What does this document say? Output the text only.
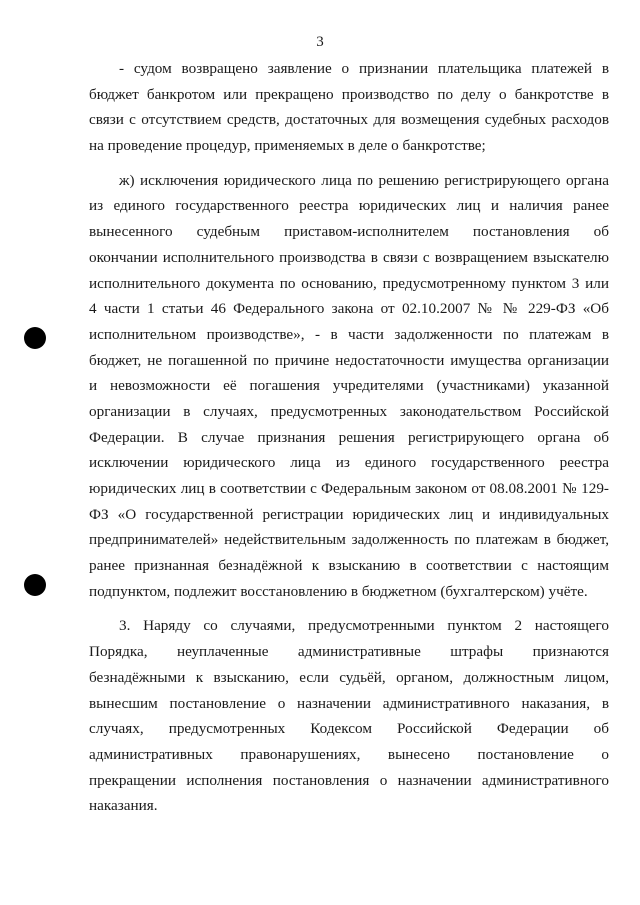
3
- судом возвращено заявление о признании плательщика платежей в
бюджет банкротом или прекращено производство по делу о банкротстве в
связи с отсутствием средств, достаточных для возмещения судебных расходов
на проведение процедур, применяемых в деле о банкротстве;
ж) исключения юридического лица по решению регистрирующего органа
из единого государственного реестра юридических лиц и наличия ранее
вынесенного судебным приставом-исполнителем постановления об
окончании исполнительного производства в связи с возвращением взыскателю
исполнительного документа по основанию, предусмотренному пунктом 3 или
4 части 1 статьи 46 Федерального закона от 02.10.2007 № № 229-ФЗ «Об
исполнительном производстве», - в части задолженности по платежам в
бюджет, не погашенной по причине недостаточности имущества организации
и невозможности её погашения учредителями (участниками) указанной
организации в случаях, предусмотренных законодательством Российской
Федерации. В случае признания решения регистрирующего органа об
исключении юридического лица из единого государственного реестра
юридических лиц в соответствии с Федеральным законом от 08.08.2001 № 129-
ФЗ «О государственной регистрации юридических лиц и индивидуальных
предпринимателей» недействительным задолженность по платежам в бюджет,
ранее признанная безнадёжной к взысканию в соответствии с настоящим
подпунктом, подлежит восстановлению в бюджетном (бухгалтерском) учёте.
3. Наряду со случаями, предусмотренными пунктом 2 настоящего
Порядка, неуплаченные административные штрафы признаются
безнадёжными к взысканию, если судьёй, органом, должностным лицом,
вынесшим постановление о назначении административного наказания, в
случаях, предусмотренных Кодексом Российской Федерации об
административных правонарушениях, вынесено постановление о
прекращении исполнения постановления о назначении административного
наказания.
